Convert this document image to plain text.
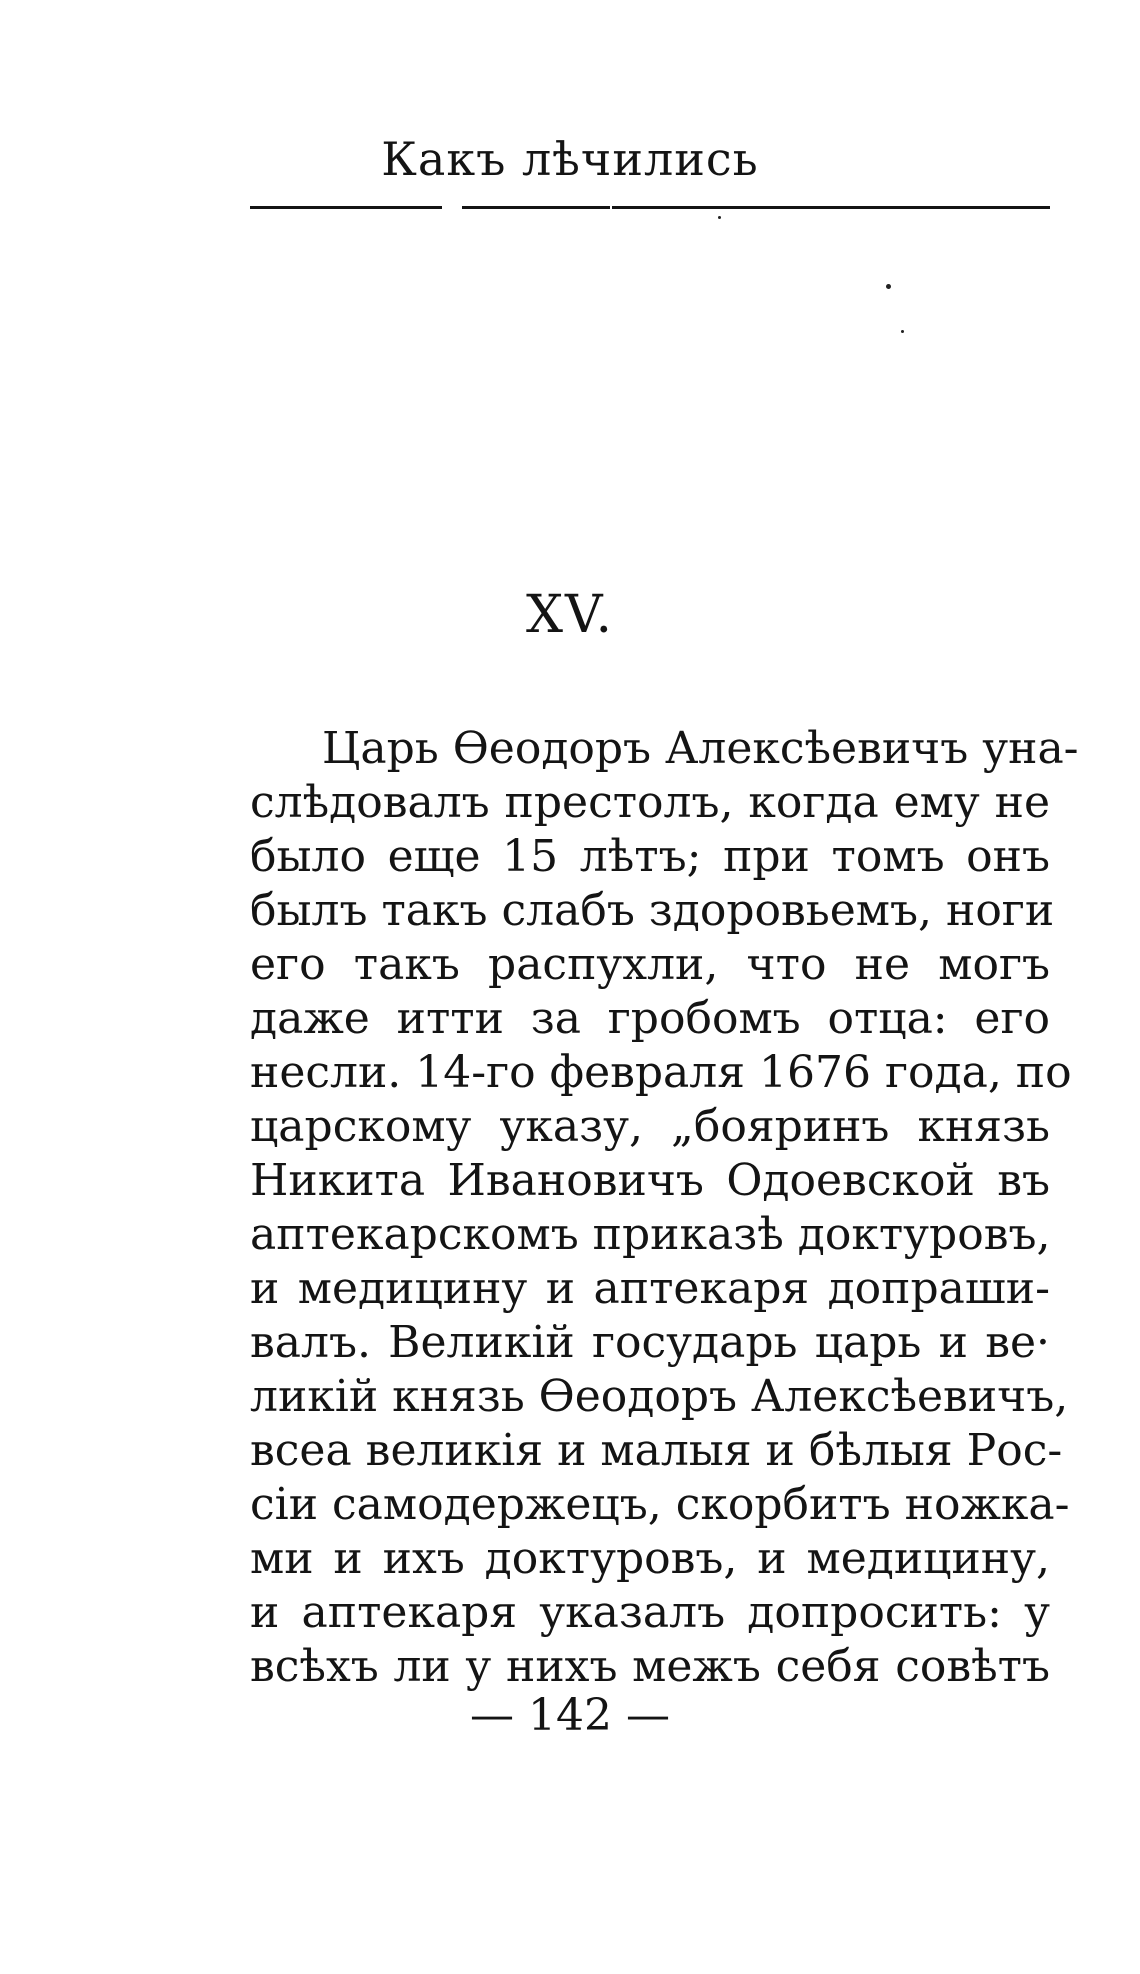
Какъ лѣчились
XV.
Царь Өеодоръ Алексѣевичъ уна-
слѣдовалъ престолъ, когда ему не
было еще 15 лѣтъ; при томъ онъ
былъ такъ слабъ здоровьемъ, ноги
его такъ распухли, что не могъ
даже итти за гробомъ отца: его
несли. 14-го февраля 1676 года, по
царскому указу, „бояринъ князь
Никита Ивановичъ Одоевской въ
аптекарскомъ приказѣ доктуровъ,
и медицину и аптекаря допраши-
валъ. Великій государь царь и ве·
ликій князь Өеодоръ Алексѣевичъ,
всеа великія и малыя и бѣлыя Рос-
сіи самодержецъ, скорбитъ ножка-
ми и ихъ доктуровъ, и медицину,
и аптекаря указалъ допросить: у
всѣхъ ли у нихъ межъ себя совѣтъ
— 142 —
